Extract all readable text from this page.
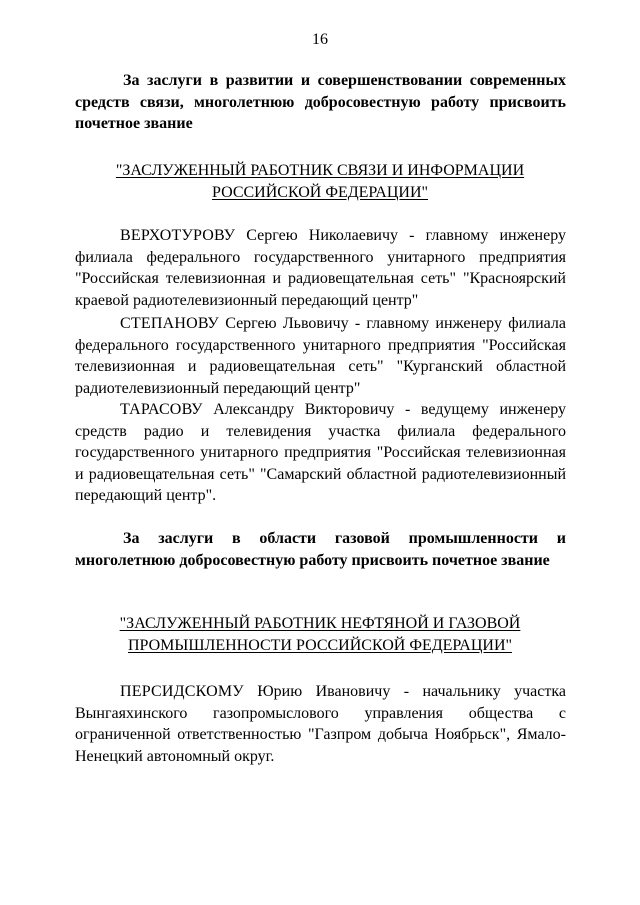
16
За заслуги в развитии и совершенствовании современных средств связи, многолетнюю добросовестную работу присвоить почетное звание
"ЗАСЛУЖЕННЫЙ РАБОТНИК СВЯЗИ И ИНФОРМАЦИИ
РОССИЙСКОЙ ФЕДЕРАЦИИ"
ВЕРХОТУРОВУ Сергею Николаевичу - главному инженеру филиала федерального государственного унитарного предприятия "Российская телевизионная и радиовещательная сеть" "Красноярский краевой радиотелевизионный передающий центр"
СТЕПАНОВУ Сергею Львовичу - главному инженеру филиала федерального государственного унитарного предприятия "Российская телевизионная и радиовещательная сеть" "Курганский областной радиотелевизионный передающий центр"
ТАРАСОВУ Александру Викторовичу - ведущему инженеру средств радио и телевидения участка филиала федерального государственного унитарного предприятия "Российская телевизионная и радиовещательная сеть" "Самарский областной радиотелевизионный передающий центр".
За заслуги в области газовой промышленности и многолетнюю добросовестную работу присвоить почетное звание
"ЗАСЛУЖЕННЫЙ РАБОТНИК НЕФТЯНОЙ И ГАЗОВОЙ
ПРОМЫШЛЕННОСТИ РОССИЙСКОЙ ФЕДЕРАЦИИ"
ПЕРСИДСКОМУ Юрию Ивановичу - начальнику участка Вынгаяхинского газопромыслового управления общества с ограниченной ответственностью "Газпром добыча Ноябрьск", Ямало-Ненецкий автономный округ.
